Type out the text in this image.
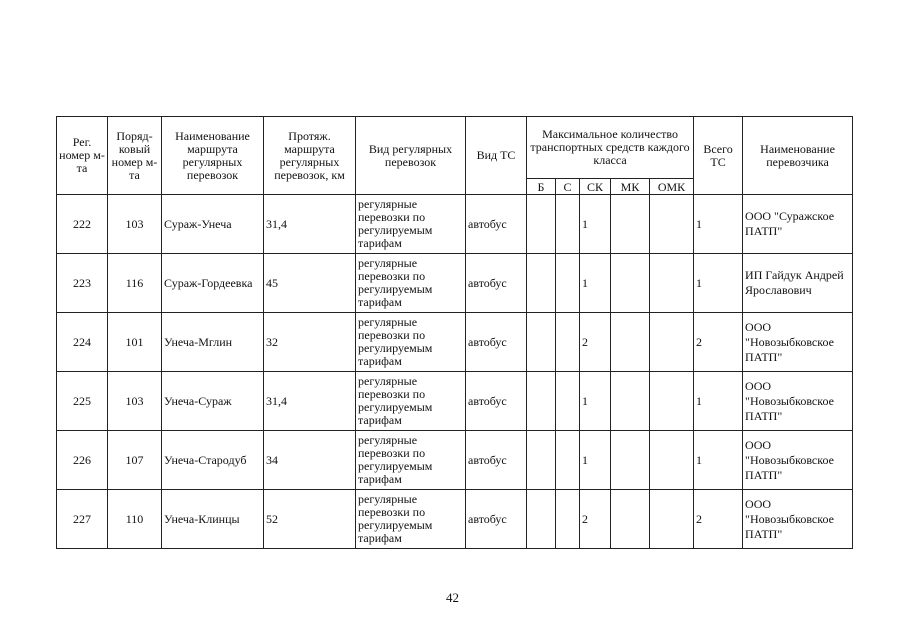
Рег. номер м-та	Поряд-ковый номер м-та	Наименование маршрута регулярных перевозок	Протяж. маршрута регулярных перевозок, км	Вид регулярных перевозок	Вид ТС	Максимальное количество транспортных средств каждого класса					Всего ТС	Наименование перевозчика
						Б	С	СК	МК	ОМК		
222	103	Сураж-Унеча	31,4	регулярные перевозки по регулируемым тарифам	автобус			1			1	ООО "Суражское ПАТП"
223	116	Сураж-Гордеевка	45	регулярные перевозки по регулируемым тарифам	автобус			1			1	ИП Гайдук Андрей Ярославович
224	101	Унеча-Мглин	32	регулярные перевозки по регулируемым тарифам	автобус			2			2	ООО "Новозыбковское ПАТП"
225	103	Унеча-Сураж	31,4	регулярные перевозки по регулируемым тарифам	автобус			1			1	ООО "Новозыбковское ПАТП"
226	107	Унеча-Стародуб	34	регулярные перевозки по регулируемым тарифам	автобус			1			1	ООО "Новозыбковское ПАТП"
227	110	Унеча-Клинцы	52	регулярные перевозки по регулируемым тарифам	автобус			2			2	ООО "Новозыбковское ПАТП"
42
